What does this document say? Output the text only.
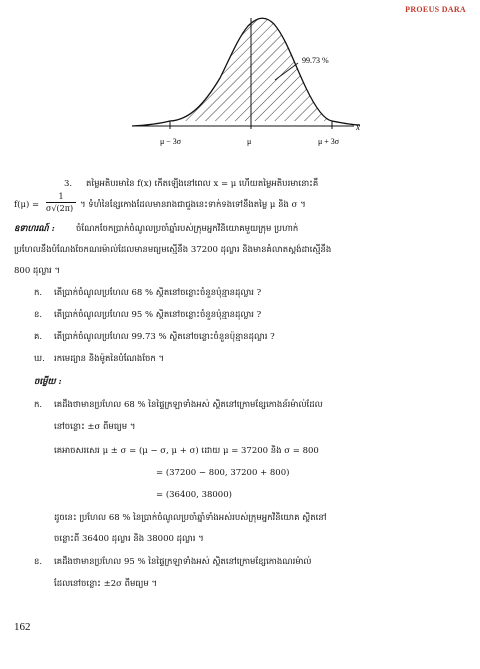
PROEUS DARA
99.73 %
x
μ − 3σ	μ	μ + 3σ
3. តម្លៃអតិបរមានៃ f(x) កើតឡើងនៅពេល x = μ ហើយតម្លៃអតិបរមានោះគឺ
f(μ) =
1
σ√(2π) ។ ទំហំនៃខ្សែកោងដែលមានរាងជាជួងនេះទាក់ទងទៅនឹងតម្លៃ μ និង σ ។
ឧទាហរណ៍ : ចំណែកចែកប្រាក់ចំណូលប្រចាំឆ្នាំរបស់ក្រុមអ្នកវិនិយោគមួយក្រុម ប្រហាក់
ប្រហែលនឹងបំណែងចែកណរម៉ាល់ដែលមានមធ្យមស្មើនឹង 37200 ដុល្លារ និងមានគំលាតស្តង់ដាស្មើនឹង
800 ដុល្លារ ។
ក. តើប្រាក់ចំណូលប្រហែល 68 % ស្ថិតនៅចន្លោះចំនួនប៉ុន្មានដុល្លារ ?
ខ. តើប្រាក់ចំណូលប្រហែល 95 % ស្ថិតនៅចន្លោះចំនួនប៉ុន្មានដុល្លារ ?
គ. តើប្រាក់ចំណូលប្រហែល 99.73 % ស្ថិតនៅចន្លោះចំនួនប៉ុន្មានដុល្លារ ?
ឃ. រកមេដ្យាន និងម៉ូតនៃបំណែងចែក ។
ចម្លើយ :
ក. គេដឹងថាមានប្រហែល 68 % នៃផ្ទៃក្រឡាទាំងអស់ ស្ថិតនៅក្រោមខ្សែកោងន័រម៉ាល់ដែល
នៅចន្លោះ ±σ ពីមធ្យម ។
គេអាចសរសេរ μ ± σ = (μ − σ, μ + σ) ដោយ μ = 37200 និង σ = 800
= (37200 − 800, 37200 + 800)
= (36400, 38000)
ដូចនេះ ប្រហែល 68 % នៃប្រាក់ចំណូលប្រចាំឆ្នាំទាំងអស់របស់ក្រុមអ្នកវិនិយោគ ស្ថិតនៅ
ចន្លោះពី 36400 ដុល្លារ និង 38000 ដុល្លារ ។
ខ. គេដឹងថាមានប្រហែល 95 % នៃផ្ទៃក្រឡាទាំងអស់ ស្ថិតនៅក្រោមខ្សែកោងណរម៉ាល់
ដែលនៅចន្លោះ ±2σ ពីមធ្យម ។
162
